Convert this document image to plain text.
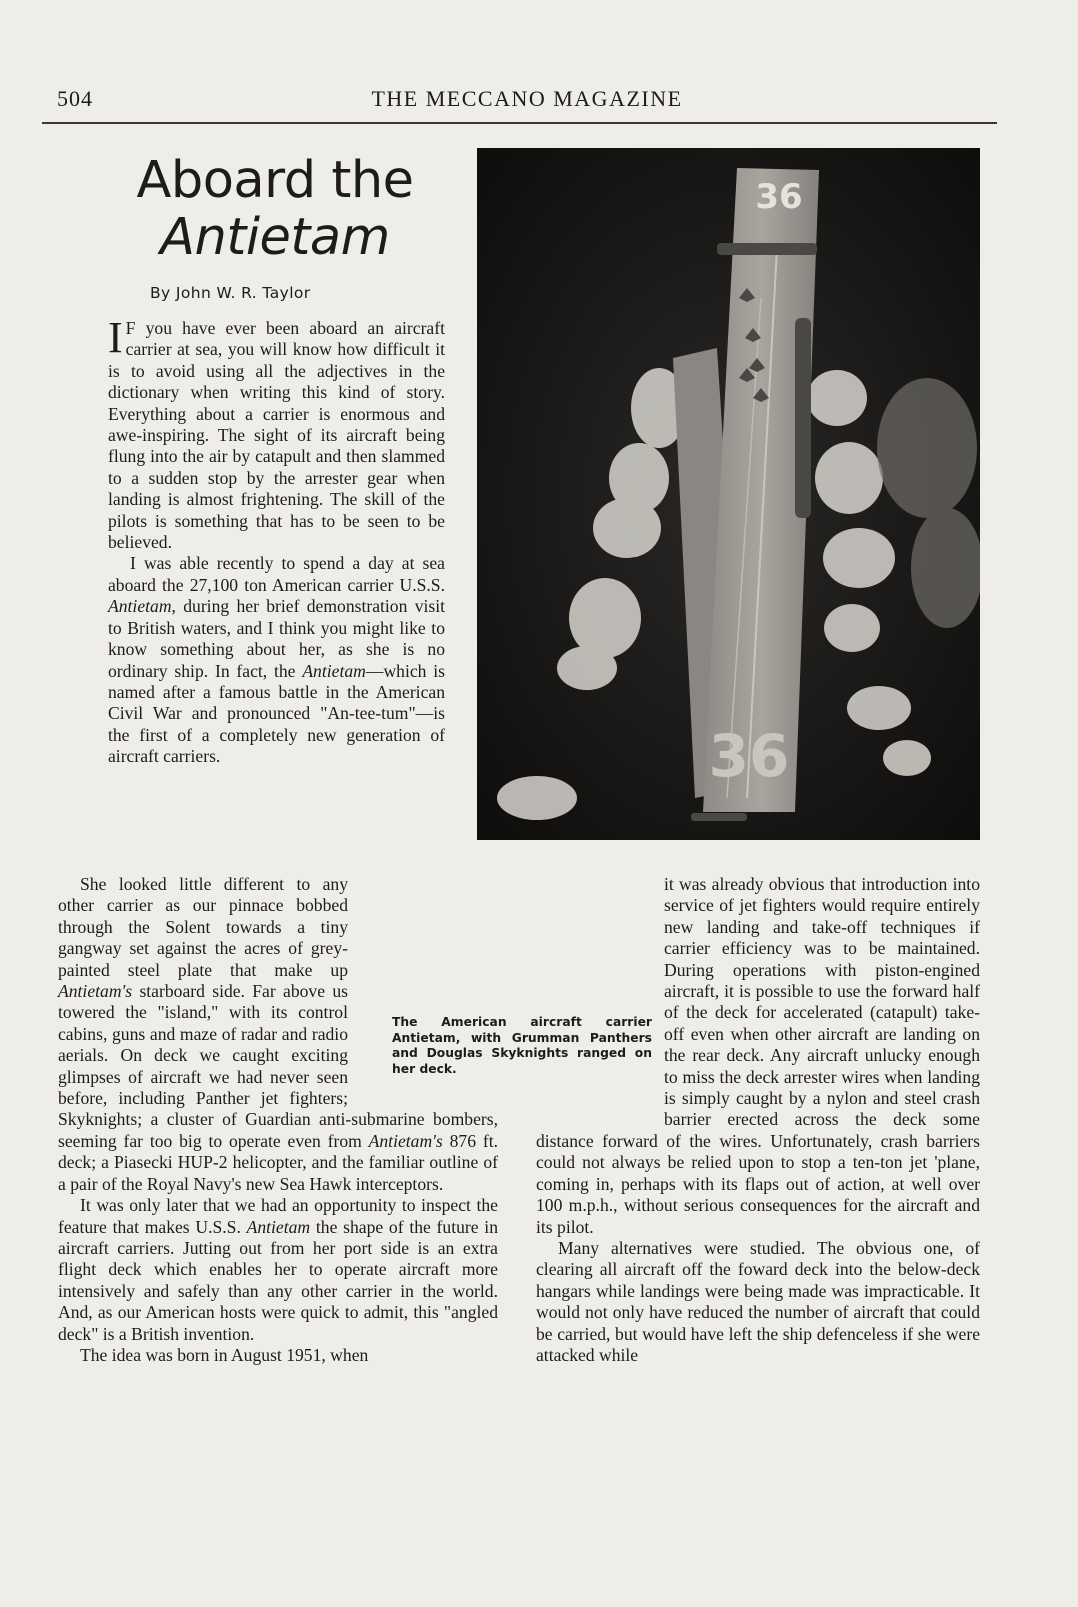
504	THE MECCANO MAGAZINE
Aboard the
Antietam
By John W. R. Taylor

I F you have ever been aboard an aircraft carrier at sea, you will know how difficult it is to avoid using all the adjectives in the dictionary when writing this kind of story. Everything about a carrier is enormous and awe-inspiring. The sight of its aircraft being flung into the air by catapult and then slammed to a sudden stop by the arrester gear when landing is almost frightening. The skill of the pilots is something that has to be seen to be believed.

I was able recently to spend a day at sea aboard the 27,100 ton American carrier U.S.S. Antietam, during her brief demonstration visit to British waters, and I think you might like to know something about her, as she is no ordinary ship. In fact, the Antietam—which is named after a famous battle in the American Civil War and pronounced "An-tee-tum"—is the first of a completely new generation of aircraft carriers.

36
36

She looked little different to any other carrier as our pinnace bobbed through the Solent towards a tiny gangway set against the acres of grey-painted steel plate that make up Antietam's starboard side. Far above us towered the "island," with its control cabins, guns and maze of radar and radio aerials. On deck we caught exciting glimpses of aircraft we had never seen before, including Panther jet fighters; Skyknights; a cluster of Guardian anti-submarine bombers, seeming far too big to operate even from Antietam's 876 ft. deck; a Piasecki HUP-2 helicopter, and the familiar outline of a pair of the Royal Navy's new Sea Hawk interceptors.

It was only later that we had an opportunity to inspect the feature that makes U.S.S. Antietam the shape of the future in aircraft carriers. Jutting out from her port side is an extra flight deck which enables her to operate aircraft more intensively and safely than any other carrier in the world. And, as our American hosts were quick to admit, this "angled deck" is a British invention.

The idea was born in August 1951, when

The American aircraft carrier Antietam, with Grumman Panthers and Douglas Skyknights ranged on her deck.

it was already obvious that introduction into service of jet fighters would require entirely new landing and take-off techniques if carrier efficiency was to be maintained. During operations with piston-engined aircraft, it is possible to use the forward half of the deck for accelerated (catapult) take-off even when other aircraft are landing on the rear deck. Any aircraft unlucky enough to miss the deck arrester wires when landing is simply caught by a nylon and steel crash barrier erected across the deck some distance forward of the wires. Unfortunately, crash barriers could not always be relied upon to stop a ten-ton jet 'plane, coming in, perhaps with its flaps out of action, at well over 100 m.p.h., without serious consequences for the aircraft and its pilot.

Many alternatives were studied. The obvious one, of clearing all aircraft off the foward deck into the below-deck hangars while landings were being made was impracticable. It would not only have reduced the number of aircraft that could be carried, but would have left the ship defenceless if she were attacked while
